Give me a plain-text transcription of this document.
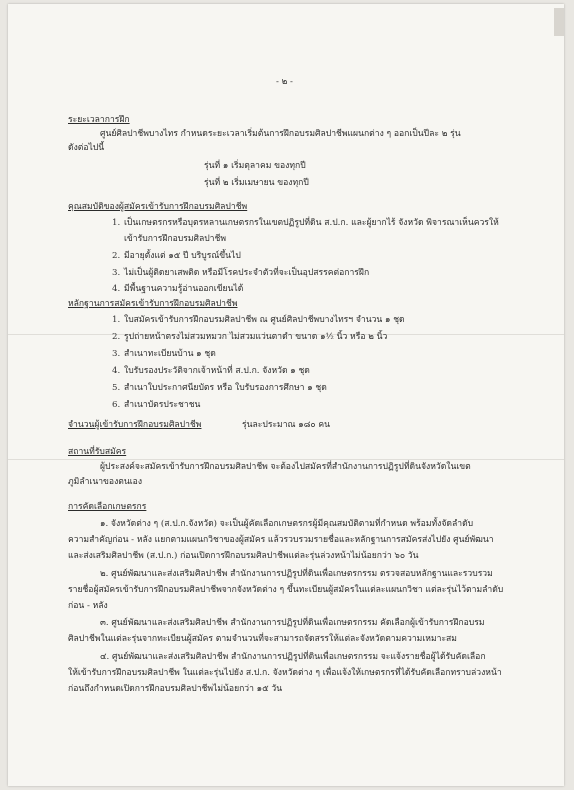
- ๒ -
ระยะเวลาการฝึก
ศูนย์ศิลปาชีพบางไทร กำหนดระยะเวลาเริ่มต้นการฝึกอบรมศิลปาชีพแผนกต่าง ๆ ออกเป็นปีละ ๒ รุ่น
ดังต่อไปนี้
รุ่นที่ ๑ เริ่มตุลาคม ของทุกปี
รุ่นที่ ๒ เริ่มเมษายน ของทุกปี
คุณสมบัติของผู้สมัครเข้ารับการฝึกอบรมศิลปาชีพ
1. เป็นเกษตรกรหรือบุตรหลานเกษตรกรในเขตปฏิรูปที่ดิน ส.ป.ก. และผู้ยากไร้ จังหวัด พิจารณาเห็นควรให้
เข้ารับการฝึกอบรมศิลปาชีพ
2. มีอายุตั้งแต่ ๑๕ ปี บริบูรณ์ขึ้นไป
3. ไม่เป็นผู้ติดยาเสพติด หรือมีโรคประจำตัวที่จะเป็นอุปสรรคต่อการฝึก
4. มีพื้นฐานความรู้อ่านออกเขียนได้
หลักฐานการสมัครเข้ารับการฝึกอบรมศิลปาชีพ
1. ใบสมัครเข้ารับการฝึกอบรมศิลปาชีพ ณ ศูนย์ศิลปาชีพบางไทรฯ จำนวน ๑ ชุด
2. รูปถ่ายหน้าตรงไม่สวมหมวก ไม่สวมแว่นตาดำ ขนาด ๑½ นิ้ว หรือ ๒ นิ้ว
3. สำเนาทะเบียนบ้าน ๑ ชุด
4. ใบรับรองประวัติจากเจ้าหน้าที่ ส.ป.ก. จังหวัด ๑ ชุด
5. สำเนาใบประกาศนียบัตร หรือ ใบรับรองการศึกษา ๑ ชุด
6. สำเนาบัตรประชาชน
จำนวนผู้เข้ารับการฝึกอบรมศิลปาชีพ	รุ่นละประมาณ ๑๘๐ คน
สถานที่รับสมัคร
ผู้ประสงค์จะสมัครเข้ารับการฝึกอบรมศิลปาชีพ จะต้องไปสมัครที่สำนักงานการปฏิรูปที่ดินจังหวัดในเขต
ภูมิลำเนาของตนเอง
การคัดเลือกเกษตรกร
๑. จังหวัดต่าง ๆ (ส.ป.ก.จังหวัด) จะเป็นผู้คัดเลือกเกษตรกรผู้มีคุณสมบัติตามที่กำหนด พร้อมทั้งจัดลำดับ
ความสำคัญก่อน - หลัง แยกตามแผนกวิชาของผู้สมัคร แล้วรวบรวมรายชื่อและหลักฐานการสมัครส่งไปยัง ศูนย์พัฒนา
และส่งเสริมศิลปาชีพ (ส.ป.ก.) ก่อนเปิดการฝึกอบรมศิลปาชีพแต่ละรุ่นล่วงหน้าไม่น้อยกว่า ๖๐ วัน
๒. ศูนย์พัฒนาและส่งเสริมศิลปาชีพ สำนักงานการปฏิรูปที่ดินเพื่อเกษตรกรรม ตรวจสอบหลักฐานและรวบรวม
รายชื่อผู้สมัครเข้ารับการฝึกอบรมศิลปาชีพจากจังหวัดต่าง ๆ ขึ้นทะเบียนผู้สมัครในแต่ละแผนกวิชา แต่ละรุ่นไว้ตามลำดับ
ก่อน - หลัง
๓. ศูนย์พัฒนาและส่งเสริมศิลปาชีพ สำนักงานการปฏิรูปที่ดินเพื่อเกษตรกรรม คัดเลือกผู้เข้ารับการฝึกอบรม
ศิลปาชีพในแต่ละรุ่นจากทะเบียนผู้สมัคร ตามจำนวนที่จะสามารถจัดสรรให้แต่ละจังหวัดตามความเหมาะสม
๔. ศูนย์พัฒนาและส่งเสริมศิลปาชีพ สำนักงานการปฏิรูปที่ดินเพื่อเกษตรกรรม จะแจ้งรายชื่อผู้ได้รับคัดเลือก
ให้เข้ารับการฝึกอบรมศิลปาชีพ ในแต่ละรุ่นไปยัง ส.ป.ก. จังหวัดต่าง ๆ เพื่อแจ้งให้เกษตรกรที่ได้รับคัดเลือกทราบล่วงหน้า
ก่อนถึงกำหนดเปิดการฝึกอบรมศิลปาชีพไม่น้อยกว่า ๑๕ วัน
